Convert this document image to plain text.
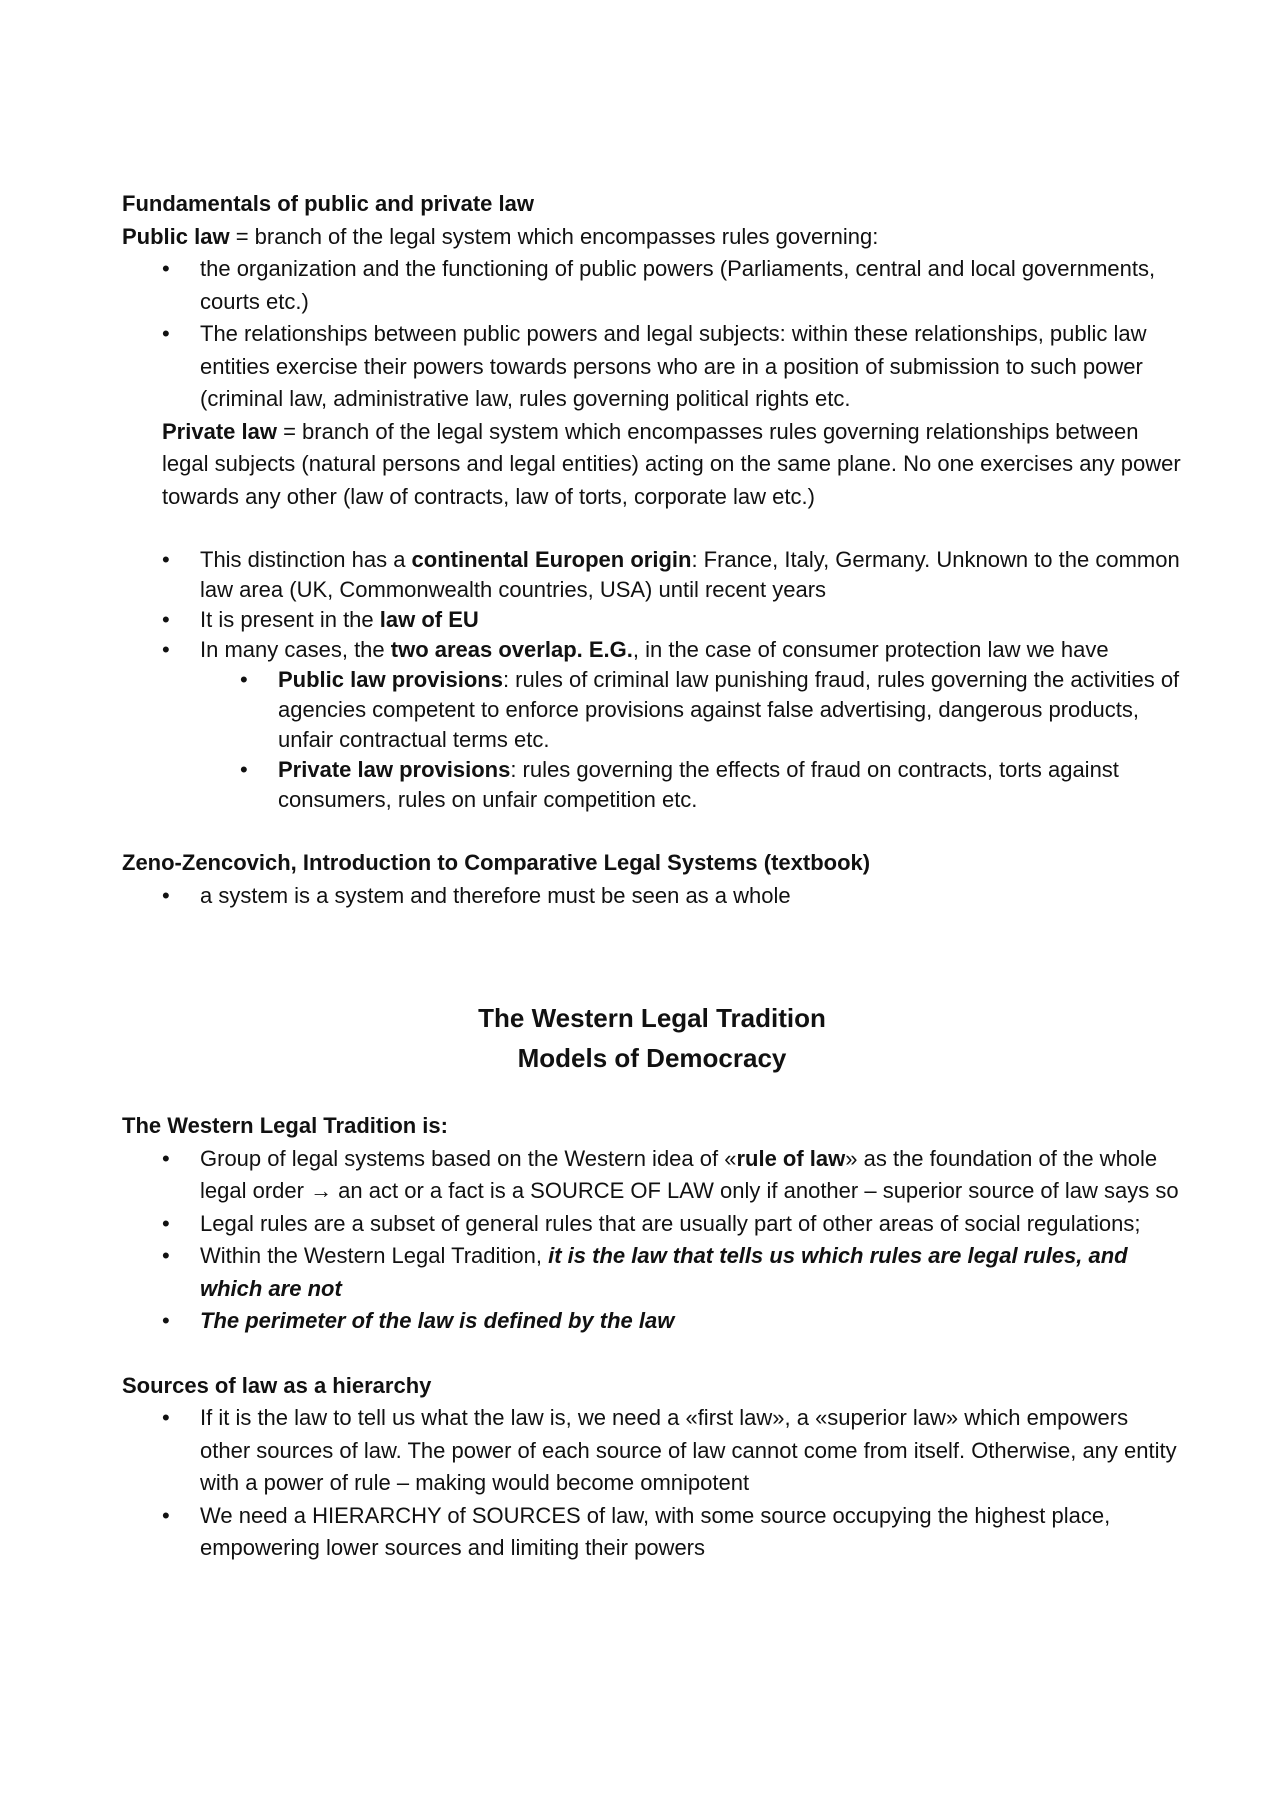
Fundamentals of public and private law

Public law = branch of the legal system which encompasses rules governing:

• the organization and the functioning of public powers (Parliaments, central and local governments, courts etc.)
• The relationships between public powers and legal subjects: within these relationships, public law entities exercise their powers towards persons who are in a position of submission to such power (criminal law, administrative law, rules governing political rights etc.

Private law = branch of the legal system which encompasses rules governing relationships between legal subjects (natural persons and legal entities) acting on the same plane. No one exercises any power towards any other (law of contracts, law of torts, corporate law etc.)

• This distinction has a continental Europen origin: France, Italy, Germany. Unknown to the common law area (UK, Commonwealth countries, USA) until recent years
• It is present in the law of EU
• In many cases, the two areas overlap. E.G., in the case of consumer protection law we have
• Public law provisions: rules of criminal law punishing fraud, rules governing the activities of agencies competent to enforce provisions against false advertising, dangerous products, unfair contractual terms etc.
• Private law provisions: rules governing the effects of fraud on contracts, torts against consumers, rules on unfair competition etc.

Zeno-Zencovich, Introduction to Comparative Legal Systems (textbook)

• a system is a system and therefore must be seen as a whole

The Western Legal Tradition

Models of Democracy

The Western Legal Tradition is:

• Group of legal systems based on the Western idea of «rule of law» as the foundation of the whole legal order → an act or a fact is a SOURCE OF LAW only if another – superior source of law says so
• Legal rules are a subset of general rules that are usually part of other areas of social regulations;
• Within the Western Legal Tradition, it is the law that tells us which rules are legal rules, and which are not
• The perimeter of the law is defined by the law

Sources of law as a hierarchy

• If it is the law to tell us what the law is, we need a «first law», a «superior law» which empowers other sources of law. The power of each source of law cannot come from itself. Otherwise, any entity with a power of rule – making would become omnipotent
• We need a HIERARCHY of SOURCES of law, with some source occupying the highest place, empowering lower sources and limiting their powers
